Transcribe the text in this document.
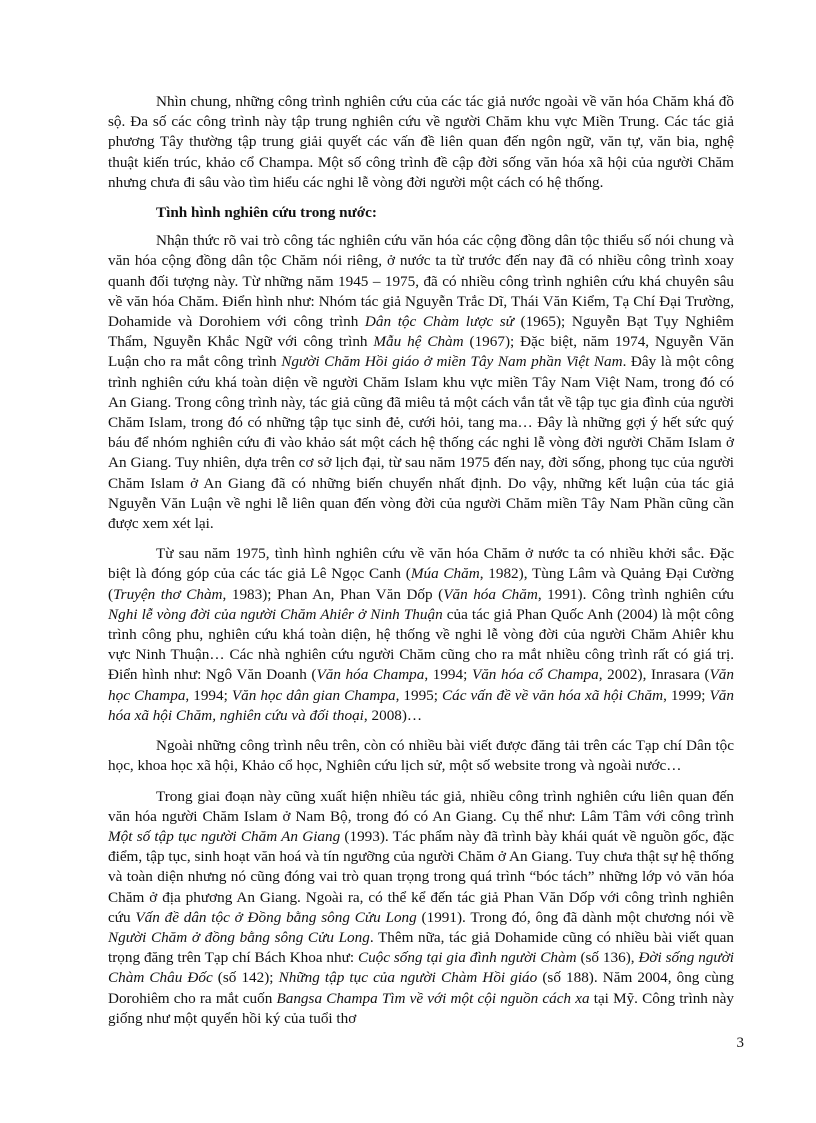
Nhìn chung, những công trình nghiên cứu của các tác giả nước ngoài về văn hóa Chăm khá đồ sộ. Đa số các công trình này tập trung nghiên cứu về người Chăm khu vực Miền Trung. Các tác giả phương Tây thường tập trung giải quyết các vấn đề liên quan đến ngôn ngữ, văn tự, văn bia, nghệ thuật kiến trúc, khảo cổ Champa. Một số công trình đề cập đời sống văn hóa xã hội của người Chăm nhưng chưa đi sâu vào tìm hiểu các nghi lễ vòng đời người một cách có hệ thống.

Tình hình nghiên cứu trong nước:

Nhận thức rõ vai trò công tác nghiên cứu văn hóa các cộng đồng dân tộc thiểu số nói chung và văn hóa cộng đồng dân tộc Chăm nói riêng, ở nước ta từ trước đến nay đã có nhiều công trình xoay quanh đối tượng này. Từ những năm 1945 – 1975, đã có nhiều công trình nghiên cứu khá chuyên sâu về văn hóa Chăm. Điển hình như: Nhóm tác giả Nguyễn Trắc Dĩ, Thái Văn Kiểm, Tạ Chí Đại Trường, Dohamide và Dorohiem với công trình Dân tộc Chàm lược sử (1965); Nguyễn Bạt Tụy Nghiêm Thẩm, Nguyễn Khắc Ngữ với công trình Mẫu hệ Chàm (1967); Đặc biệt, năm 1974, Nguyễn Văn Luận cho ra mắt công trình Người Chăm Hồi giáo ở miền Tây Nam phần Việt Nam. Đây là một công trình nghiên cứu khá toàn diện về người Chăm Islam khu vực miền Tây Nam Việt Nam, trong đó có An Giang. Trong công trình này, tác giả cũng đã miêu tả một cách vắn tắt về tập tục gia đình của người Chăm Islam, trong đó có những tập tục sinh đẻ, cưới hỏi, tang ma… Đây là những gợi ý hết sức quý báu để nhóm nghiên cứu đi vào khảo sát một cách hệ thống các nghi lễ vòng đời người Chăm Islam ở An Giang. Tuy nhiên, dựa trên cơ sở lịch đại, từ sau năm 1975 đến nay, đời sống, phong tục của người Chăm Islam ở An Giang đã có những biến chuyển nhất định. Do vậy, những kết luận của tác giả Nguyễn Văn Luận về nghi lễ liên quan đến vòng đời của người Chăm miền Tây Nam Phần cũng cần được xem xét lại.

Từ sau năm 1975, tình hình nghiên cứu về văn hóa Chăm ở nước ta có nhiều khởi sắc. Đặc biệt là đóng góp của các tác giả Lê Ngọc Canh (Múa Chăm, 1982), Tùng Lâm và Quảng Đại Cường (Truyện thơ Chàm, 1983); Phan An, Phan Văn Dốp (Văn hóa Chăm, 1991). Công trình nghiên cứu Nghi lễ vòng đời của người Chăm Ahiêr ở Ninh Thuận của tác giả Phan Quốc Anh (2004) là một công trình công phu, nghiên cứu khá toàn diện, hệ thống về nghi lễ vòng đời của người Chăm Ahiêr khu vực Ninh Thuận… Các nhà nghiên cứu người Chăm cũng cho ra mắt nhiều công trình rất có giá trị. Điển hình như: Ngô Văn Doanh (Văn hóa Champa, 1994; Văn hóa cổ Champa, 2002), Inrasara (Văn học Champa, 1994; Văn học dân gian Champa, 1995; Các vấn đề về văn hóa xã hội Chăm, 1999; Văn hóa xã hội Chăm, nghiên cứu và đối thoại, 2008)…

Ngoài những công trình nêu trên, còn có nhiều bài viết được đăng tải trên các Tạp chí Dân tộc học, khoa học xã hội, Khảo cổ học, Nghiên cứu lịch sử, một số website trong và ngoài nước…

Trong giai đoạn này cũng xuất hiện nhiều tác giả, nhiều công trình nghiên cứu liên quan đến văn hóa người Chăm Islam ở Nam Bộ, trong đó có An Giang. Cụ thể như: Lâm Tâm với công trình Một số tập tục người Chăm An Giang (1993). Tác phẩm này đã trình bày khái quát về nguồn gốc, đặc điểm, tập tục, sinh hoạt văn hoá và tín ngưỡng của người Chăm ở An Giang. Tuy chưa thật sự hệ thống và toàn diện nhưng nó cũng đóng vai trò quan trọng trong quá trình “bóc tách” những lớp vỏ văn hóa Chăm ở địa phương An Giang. Ngoài ra, có thể kể đến tác giả Phan Văn Dốp với công trình nghiên cứu Vấn đề dân tộc ở Đồng bằng sông Cửu Long (1991). Trong đó, ông đã dành một chương nói về Người Chăm ở đồng bằng sông Cửu Long. Thêm nữa, tác giả Dohamide cũng có nhiều bài viết quan trọng đăng trên Tạp chí Bách Khoa như: Cuộc sống tại gia đình người Chàm (số 136), Đời sống người Chàm Châu Đốc (số 142); Những tập tục của người Chàm Hồi giáo (số 188). Năm 2004, ông cùng Dorohiêm cho ra mắt cuốn Bangsa Champa Tìm về với một cội nguồn cách xa tại Mỹ. Công trình này giống như một quyển hồi ký của tuổi thơ

3
